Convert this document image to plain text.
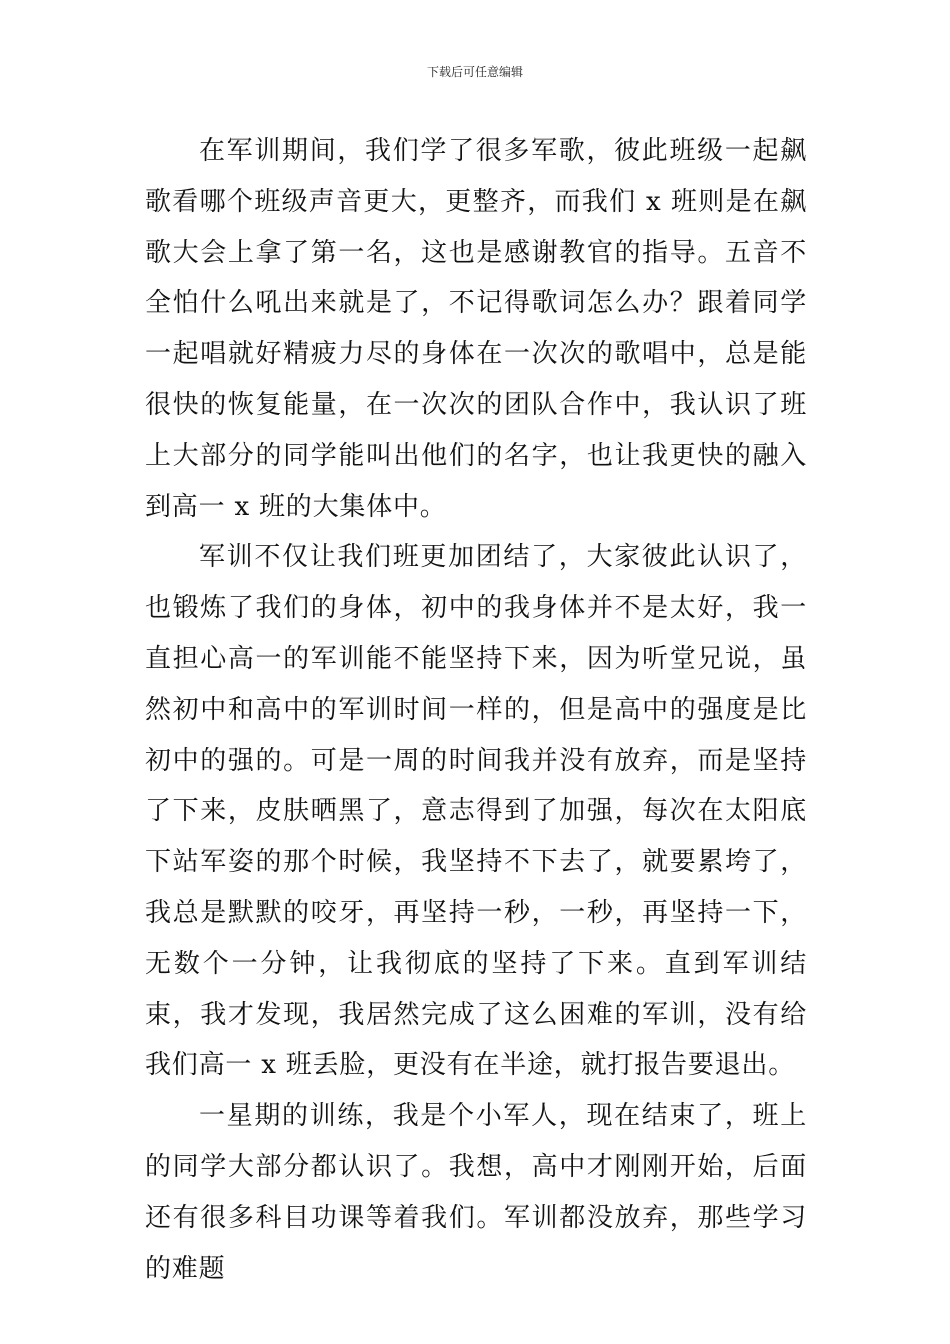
下载后可任意编辑

在军训期间，我们学了很多军歌，彼此班级一起飙歌看哪个班级声音更大，更整齐，而我们 x 班则是在飙歌大会上拿了第一名，这也是感谢教官的指导。五音不全怕什么吼出来就是了，不记得歌词怎么办？跟着同学一起唱就好精疲力尽的身体在一次次的歌唱中，总是能很快的恢复能量，在一次次的团队合作中，我认识了班上大部分的同学能叫出他们的名字，也让我更快的融入到高一 x 班的大集体中。

军训不仅让我们班更加团结了，大家彼此认识了，也锻炼了我们的身体，初中的我身体并不是太好，我一直担心高一的军训能不能坚持下来，因为听堂兄说，虽然初中和高中的军训时间一样的，但是高中的强度是比初中的强的。可是一周的时间我并没有放弃，而是坚持了下来，皮肤晒黑了，意志得到了加强，每次在太阳底下站军姿的那个时候，我坚持不下去了，就要累垮了，我总是默默的咬牙，再坚持一秒，一秒，再坚持一下，无数个一分钟，让我彻底的坚持了下来。直到军训结束，我才发现，我居然完成了这么困难的军训，没有给我们高一 x 班丢脸，更没有在半途，就打报告要退出。

一星期的训练，我是个小军人，现在结束了，班上的同学大部分都认识了。我想，高中才刚刚开始，后面还有很多科目功课等着我们。军训都没放弃，那些学习的难题
